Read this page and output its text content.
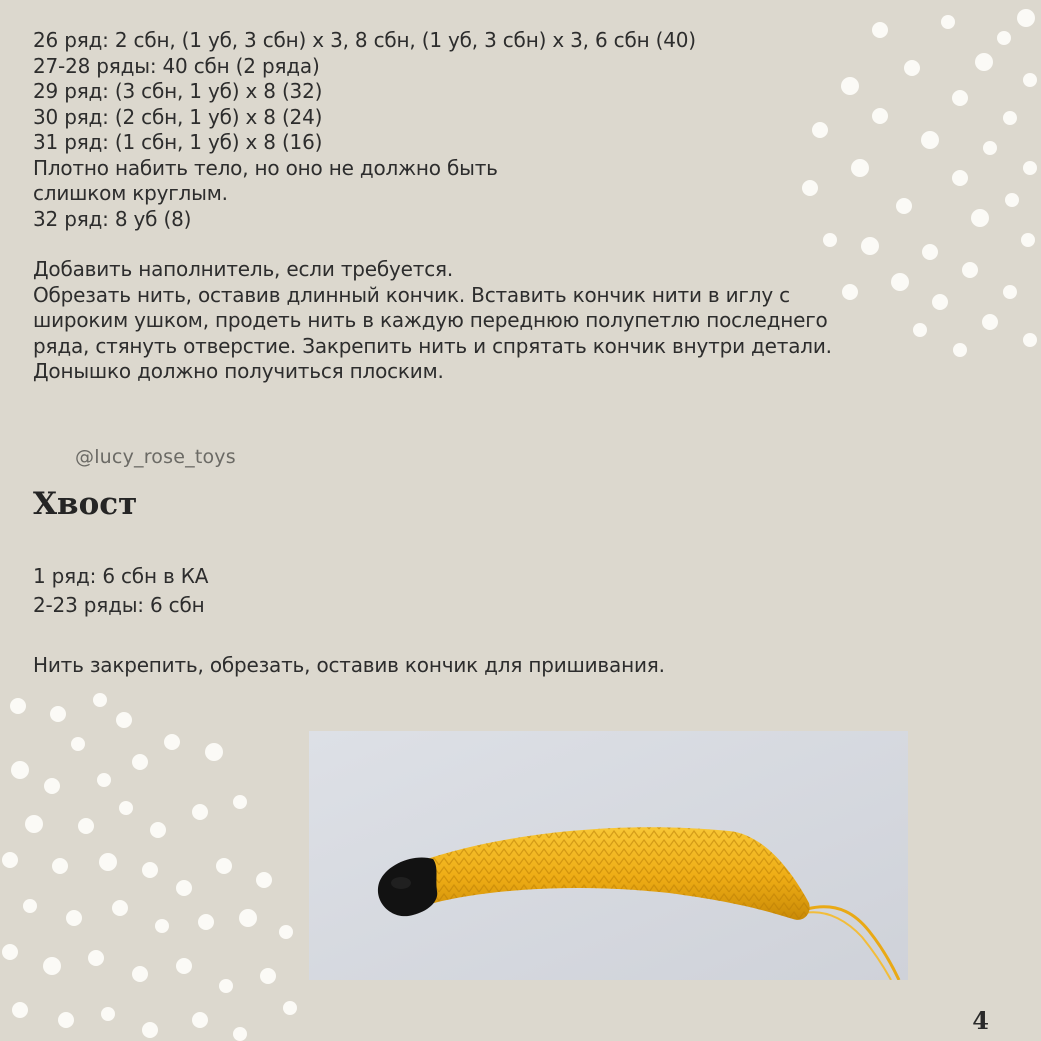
26 ряд: 2 сбн, (1 уб, 3 сбн) х 3, 8 сбн, (1 уб, 3 сбн) х 3, 6 сбн (40)
27-28 ряды: 40 сбн (2 ряда)
29 ряд: (3 сбн, 1 уб) х 8 (32)
30 ряд: (2 сбн, 1 уб) х 8 (24)
31 ряд: (1 сбн, 1 уб) х 8 (16)
Плотно набить тело, но оно не должно быть
слишком круглым.
32 ряд: 8 уб (8)
Добавить наполнитель, если требуется.
Обрезать нить, оставив длинный кончик. Вставить кончик нити в иглу с
широким ушком, продеть нить в каждую переднюю полупетлю последнего
ряда, стянуть отверстие. Закрепить нить и спрятать кончик внутри детали.
Донышко должно получиться плоским.
@lucy_rose_toys
Хвост
1 ряд: 6 сбн в КА
2-23 ряды: 6 сбн
Нить закрепить, обрезать, оставив кончик для пришивания.
4
